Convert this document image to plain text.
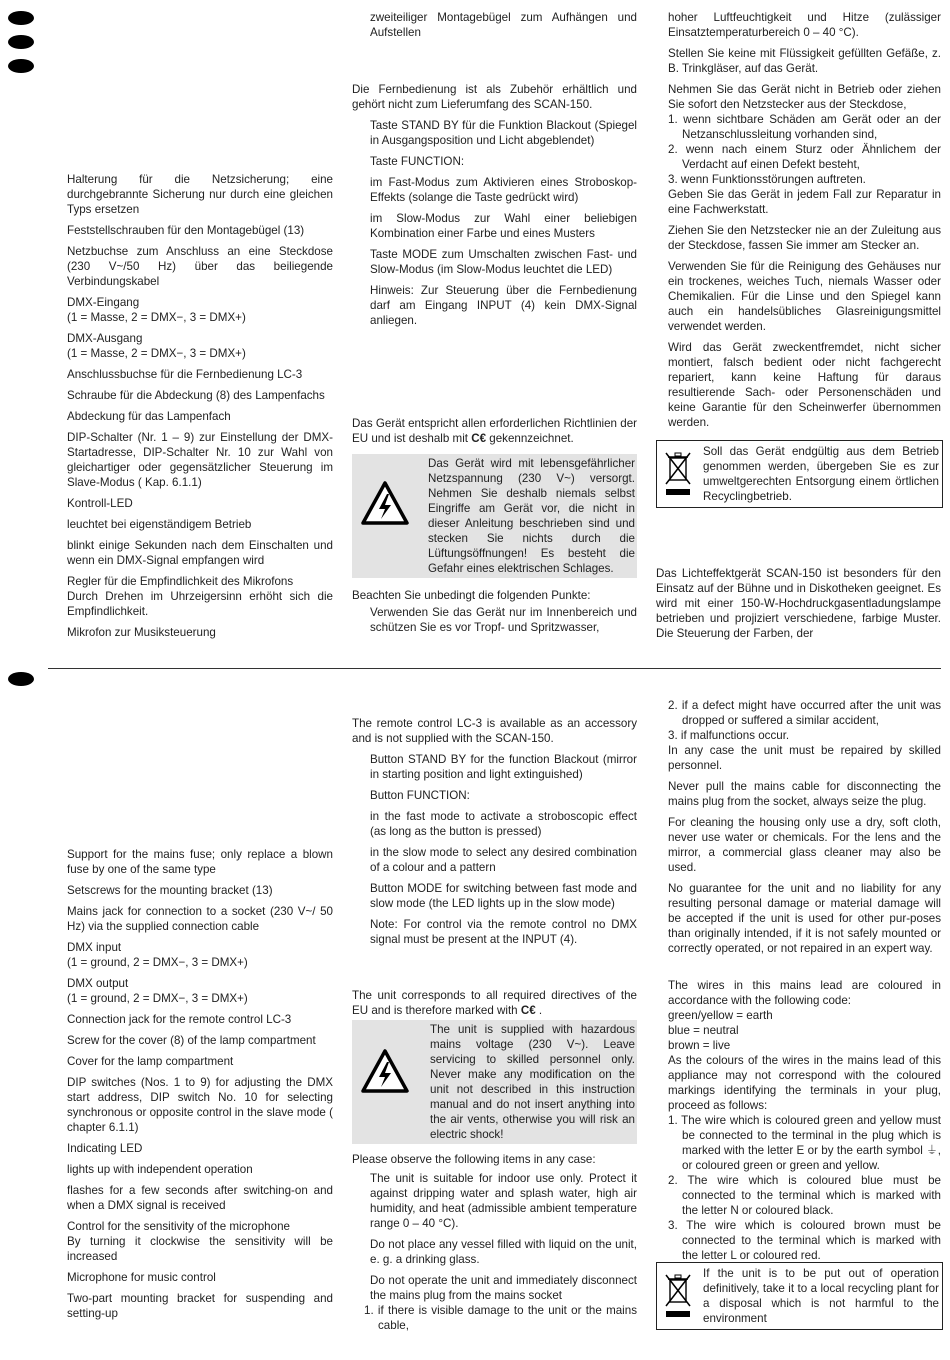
Halterung für die Netzsicherung; eine durchgebrannte Sicherung nur durch eine gleichen Typs ersetzen

Feststellschrauben für den Montagebügel (13)

Netzbuchse zum Anschluss an eine Steckdose (230 V~/50 Hz) über das beiliegende Verbindungskabel

DMX-Eingang

(1 = Masse, 2 = DMX−, 3 = DMX+)

DMX-Ausgang

(1 = Masse, 2 = DMX−, 3 = DMX+)

Anschlussbuchse für die Fernbedienung LC-3

Schraube für die Abdeckung (8) des Lampenfachs

Abdeckung für das Lampenfach

DIP-Schalter (Nr. 1 – 9) zur Einstellung der DMX-Startadresse, DIP-Schalter Nr. 10 zur Wahl von gleichartiger oder gegensätzlicher Steuerung im Slave-Modus ( Kap. 6.1.1)

Kontroll-LED

leuchtet bei eigenständigem Betrieb

blinkt einige Sekunden nach dem Einschalten und wenn ein DMX-Signal empfangen wird

Regler für die Empfindlichkeit des Mikrofons

Durch Drehen im Uhrzeigersinn erhöht sich die Empfindlichkeit.

Mikrofon zur Musiksteuerung

zweiteiliger Montagebügel zum Aufhängen und Aufstellen

Die Fernbedienung ist als Zubehör erhältlich und gehört nicht zum Lieferumfang des SCAN-150.

Taste STAND BY für die Funktion Blackout (Spiegel in Ausgangsposition und Licht abgeblendet)

Taste FUNCTION:

im Fast-Modus zum Aktivieren eines Stroboskop-Effekts (solange die Taste gedrückt wird)

im Slow-Modus zur Wahl einer beliebigen Kombination einer Farbe und eines Musters

Taste MODE zum Umschalten zwischen Fast- und Slow-Modus (im Slow-Modus leuchtet die LED)

Hinweis: Zur Steuerung über die Fernbedienung darf am Eingang INPUT (4) kein DMX-Signal anliegen.

Das Gerät entspricht allen erforderlichen Richtlinien der EU und ist deshalb mit C€ gekennzeichnet.

Das Gerät wird mit lebensgefährlicher Netzspannung (230 V~) versorgt. Nehmen Sie deshalb niemals selbst Eingriffe am Gerät vor, die nicht in dieser Anleitung beschrieben sind und stecken Sie nichts durch die Lüftungsöffnungen! Es besteht die Gefahr eines elektrischen Schlages.

Beachten Sie unbedingt die folgenden Punkte:

Verwenden Sie das Gerät nur im Innenbereich und schützen Sie es vor Tropf- und Spritzwasser,

hoher Luftfeuchtigkeit und Hitze (zulässiger Einsatztemperaturbereich 0 – 40 °C).

Stellen Sie keine mit Flüssigkeit gefüllten Gefäße, z. B. Trinkgläser, auf das Gerät.

Nehmen Sie das Gerät nicht in Betrieb oder ziehen Sie sofort den Netzstecker aus der Steckdose,

1. wenn sichtbare Schäden am Gerät oder an der Netzanschlussleitung vorhanden sind,

2. wenn nach einem Sturz oder Ähnlichem der Verdacht auf einen Defekt besteht,

3. wenn Funktionsstörungen auftreten.

Geben Sie das Gerät in jedem Fall zur Reparatur in eine Fachwerkstatt.

Ziehen Sie den Netzstecker nie an der Zuleitung aus der Steckdose, fassen Sie immer am Stecker an.

Verwenden Sie für die Reinigung des Gehäuses nur ein trockenes, weiches Tuch, niemals Wasser oder Chemikalien. Für die Linse und den Spiegel kann auch ein handelsübliches Glasreinigungsmittel verwendet werden.

Wird das Gerät zweckentfremdet, nicht sicher montiert, falsch bedient oder nicht fachgerecht repariert, kann keine Haftung für daraus resultierende Sach- oder Personenschäden und keine Garantie für den Scheinwerfer übernommen werden.

Soll das Gerät endgültig aus dem Betrieb genommen werden, übergeben Sie es zur umweltgerechten Entsorgung einem örtlichen Recyclingbetrieb.

Das Lichteffektgerät SCAN-150 ist besonders für den Einsatz auf der Bühne und in Diskotheken geeignet. Es wird mit einer 150-W-Hochdruckgasentladungslampe betrieben und projiziert verschiedene, farbige Muster. Die Steuerung der Farben, der

Support for the mains fuse; only replace a blown fuse by one of the same type

Setscrews for the mounting bracket (13)

Mains jack for connection to a socket (230 V~/ 50 Hz) via the supplied connection cable

DMX input

(1 = ground, 2 = DMX−, 3 = DMX+)

DMX output

(1 = ground, 2 = DMX−, 3 = DMX+)

Connection jack for the remote control LC-3

Screw for the cover (8) of the lamp compartment

Cover for the lamp compartment

DIP switches (Nos. 1 to 9) for adjusting the DMX start address, DIP switch No. 10 for selecting synchronous or opposite control in the slave mode ( chapter 6.1.1)

Indicating LED

lights up with independent operation

flashes for a few seconds after switching-on and when a DMX signal is received

Control for the sensitivity of the microphone

By turning it clockwise the sensitivity will be increased

Microphone for music control

Two-part mounting bracket for suspending and setting-up

The remote control LC-3 is available as an accessory and is not supplied with the SCAN-150.

Button STAND BY for the function Blackout (mirror in starting position and light extinguished)

Button FUNCTION:

in the fast mode to activate a stroboscopic effect (as long as the button is pressed)

in the slow mode to select any desired combination of a colour and a pattern

Button MODE for switching between fast mode and slow mode (the LED lights up in the slow mode)

Note: For control via the remote control no DMX signal must be present at the INPUT (4).

The unit corresponds to all required directives of the EU and is therefore marked with C€ .

The unit is supplied with hazardous mains voltage (230 V~). Leave servicing to skilled personnel only. Never make any modification on the unit not described in this instruction manual and do not insert anything into the air vents, otherwise you will risk an electric shock!

Please observe the following items in any case:

The unit is suitable for indoor use only. Protect it against dripping water and splash water, high air humidity, and heat (admissible ambient temperature range 0 – 40 °C).

Do not place any vessel filled with liquid on the unit, e. g. a drinking glass.

Do not operate the unit and immediately disconnect the mains plug from the mains socket

1. if there is visible damage to the unit or the mains cable,

2. if a defect might have occurred after the unit was dropped or suffered a similar accident,

3. if malfunctions occur.

In any case the unit must be repaired by skilled personnel.

Never pull the mains cable for disconnecting the mains plug from the socket, always seize the plug.

For cleaning the housing only use a dry, soft cloth, never use water or chemicals. For the lens and the mirror, a commercial glass cleaner may also be used.

No guarantee for the unit and no liability for any resulting personal damage or material damage will be accepted if the unit is used for other pur-poses than originally intended, if it is not safely mounted or correctly operated, or not repaired in an expert way.

The wires in this mains lead are coloured in accordance with the following code:

green/yellow = earth

blue = neutral

brown = live

As the colours of the wires in the mains lead of this appliance may not correspond with the coloured markings identifying the terminals in your plug, proceed as follows:

1. The wire which is coloured green and yellow must be connected to the terminal in the plug which is marked with the letter E or by the earth symbol ⏚, or coloured green or green and yellow.

2. The wire which is coloured blue must be connected to the terminal which is marked with the letter N or coloured black.

3. The wire which is coloured brown must be connected to the terminal which is marked with the letter L or coloured red.

If the unit is to be put out of operation definitively, take it to a local recycling plant for a disposal which is not harmful to the environment
